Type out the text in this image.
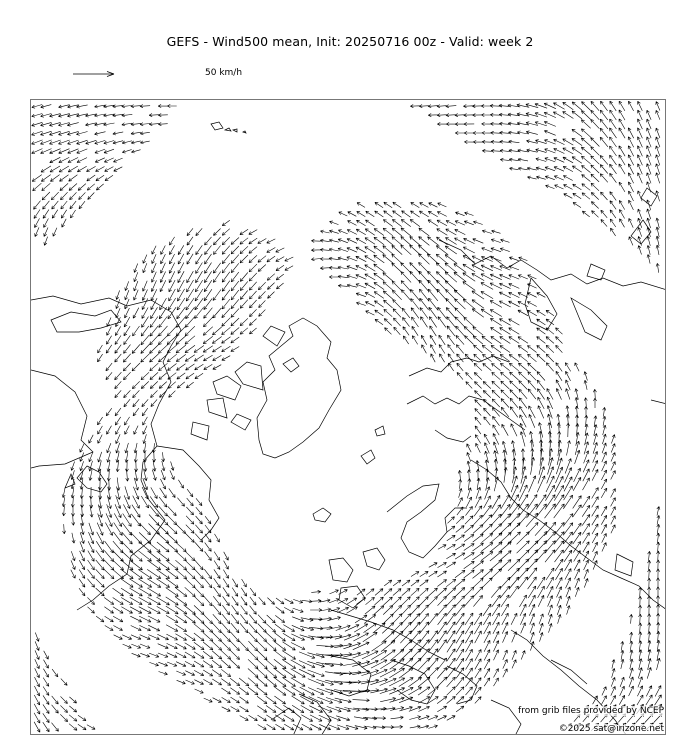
GEFS - Wind500 mean, Init: 20250716 00z - Valid: week 2
50 km/h
from grib files provided by NCEP
©2025 sat@irizone.net
